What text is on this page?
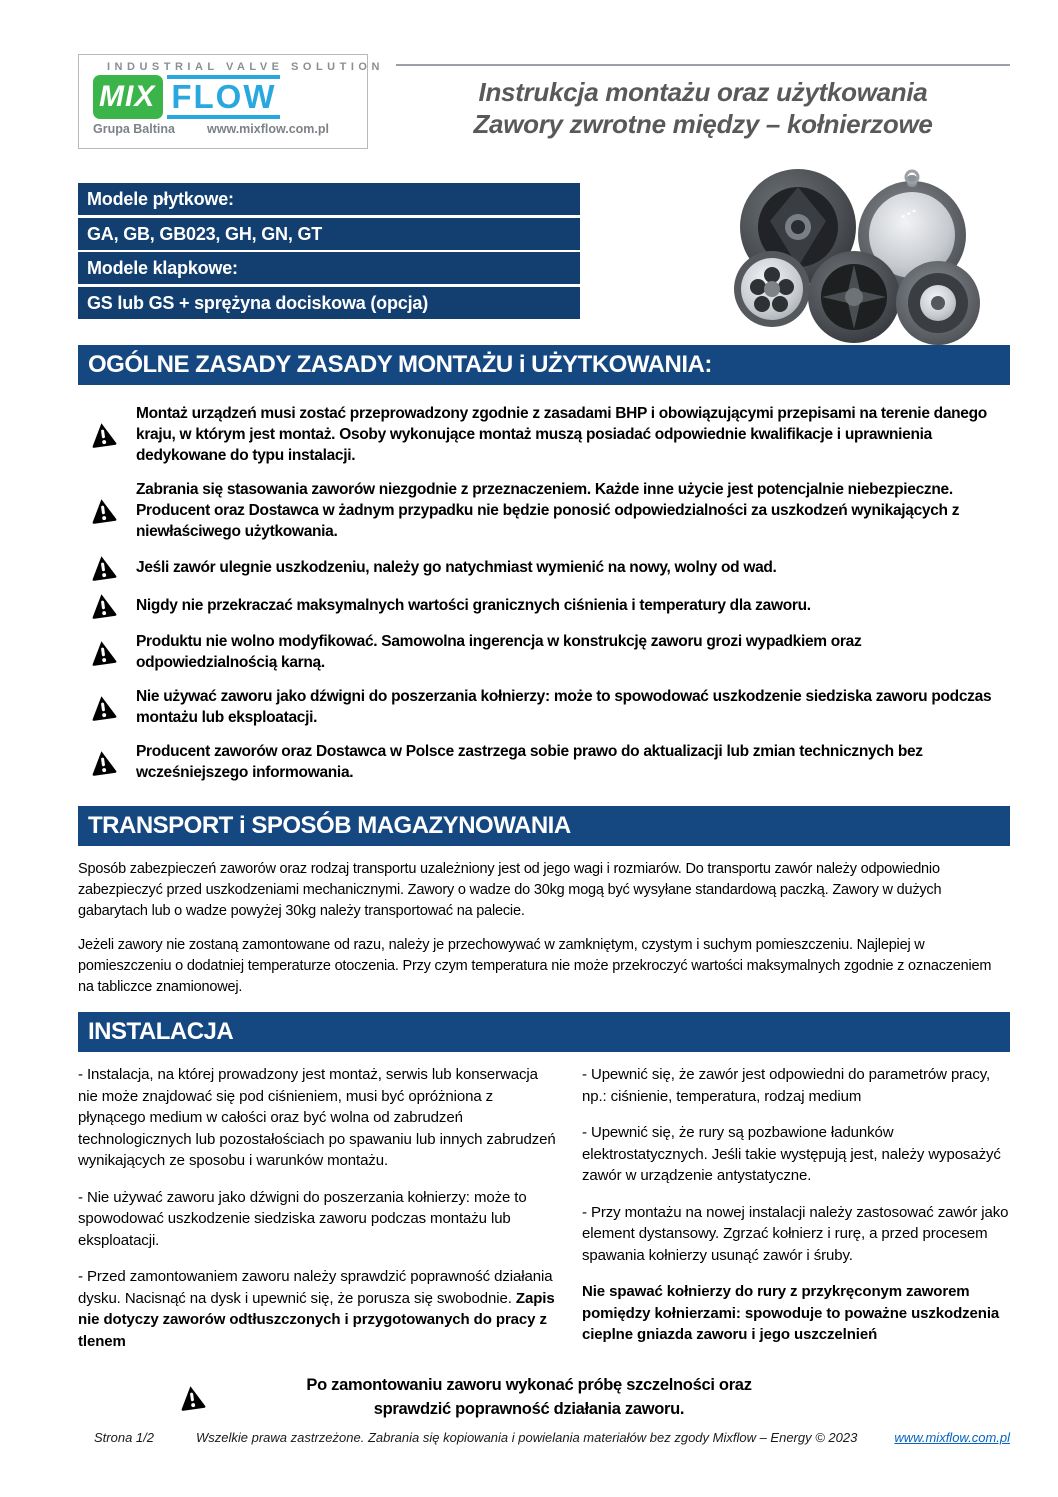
INDUSTRIAL VALVE SOLUTION
MIX FLOW
Grupa Baltina	www.mixflow.com.pl
Instrukcja montażu oraz użytkowania
Zawory zwrotne między – kołnierzowe
Modele płytkowe:
GA, GB, GB023, GH, GN, GT
Modele klapkowe:
GS lub GS + sprężyna dociskowa (opcja)
OGÓLNE ZASADY ZASADY MONTAŻU i UŻYTKOWANIA:
Montaż urządzeń musi zostać przeprowadzony zgodnie z zasadami BHP i obowiązującymi przepisami na terenie danego kraju, w którym jest montaż. Osoby wykonujące montaż muszą posiadać odpowiednie kwalifikacje i uprawnienia dedykowane do typu instalacji.
Zabrania się stasowania zaworów niezgodnie z przeznaczeniem. Każde inne użycie jest potencjalnie niebezpieczne. Producent oraz Dostawca w żadnym przypadku nie będzie ponosić odpowiedzialności za uszkodzeń wynikających z niewłaściwego użytkowania.
Jeśli zawór ulegnie uszkodzeniu, należy go natychmiast wymienić na nowy, wolny od wad.
Nigdy nie przekraczać maksymalnych wartości granicznych ciśnienia i temperatury dla zaworu.
Produktu nie wolno modyfikować. Samowolna ingerencja w konstrukcję zaworu grozi wypadkiem oraz odpowiedzialnością karną.
Nie używać zaworu jako dźwigni do poszerzania kołnierzy: może to spowodować uszkodzenie siedziska zaworu podczas montażu lub eksploatacji.
Producent zaworów oraz Dostawca w Polsce zastrzega sobie prawo do aktualizacji lub zmian technicznych bez wcześniejszego informowania.
TRANSPORT i SPOSÓB MAGAZYNOWANIA

Sposób zabezpieczeń zaworów oraz rodzaj transportu uzależniony jest od jego wagi i rozmiarów. Do transportu zawór należy odpowiednio zabezpieczyć przed uszkodzeniami mechanicznymi. Zawory o wadze do 30kg mogą być wysyłane standardową paczką. Zawory w dużych gabarytach lub o wadze powyżej 30kg należy transportować na palecie.

Jeżeli zawory nie zostaną zamontowane od razu, należy je przechowywać w zamkniętym, czystym i suchym pomieszczeniu. Najlepiej w pomieszczeniu o dodatniej temperaturze otoczenia. Przy czym temperatura nie może przekroczyć wartości maksymalnych zgodnie z oznaczeniem na tabliczce znamionowej.

INSTALACJA

- Instalacja, na której prowadzony jest montaż, serwis lub konserwacja nie może znajdować się pod ciśnieniem, musi być opróżniona z płynącego medium w całości oraz być wolna od zabrudzeń technologicznych lub pozostałościach po spawaniu lub innych zabrudzeń wynikających ze sposobu i warunków montażu.

- Nie używać zaworu jako dźwigni do poszerzania kołnierzy: może to spowodować uszkodzenie siedziska zaworu podczas montażu lub eksploatacji.

- Przed zamontowaniem zaworu należy sprawdzić poprawność działania dysku. Nacisnąć na dysk i upewnić się, że porusza się swobodnie. Zapis nie dotyczy zaworów odtłuszczonych i przygotowanych do pracy z tlenem

- Upewnić się, że zawór jest odpowiedni do parametrów pracy, np.: ciśnienie, temperatura, rodzaj medium

- Upewnić się, że rury są pozbawione ładunków elektrostatycznych. Jeśli takie występują jest, należy wyposażyć zawór w urządzenie antystatyczne.

- Przy montażu na nowej instalacji należy zastosować zawór jako element dystansowy. Zgrzać kołnierz i rurę, a przed procesem spawania kołnierzy usunąć zawór i śruby.

Nie spawać kołnierzy do rury z przykręconym zaworem pomiędzy kołnierzami: spowoduje to poważne uszkodzenia cieplne gniazda zaworu i jego uszczelnień

Po zamontowaniu zaworu wykonać próbę szczelności oraz sprawdzić poprawność działania zaworu.
Strona 1/2	Wszelkie prawa zastrzeżone. Zabrania się kopiowania i powielania materiałów bez zgody Mixflow – Energy © 2023	www.mixflow.com.pl
